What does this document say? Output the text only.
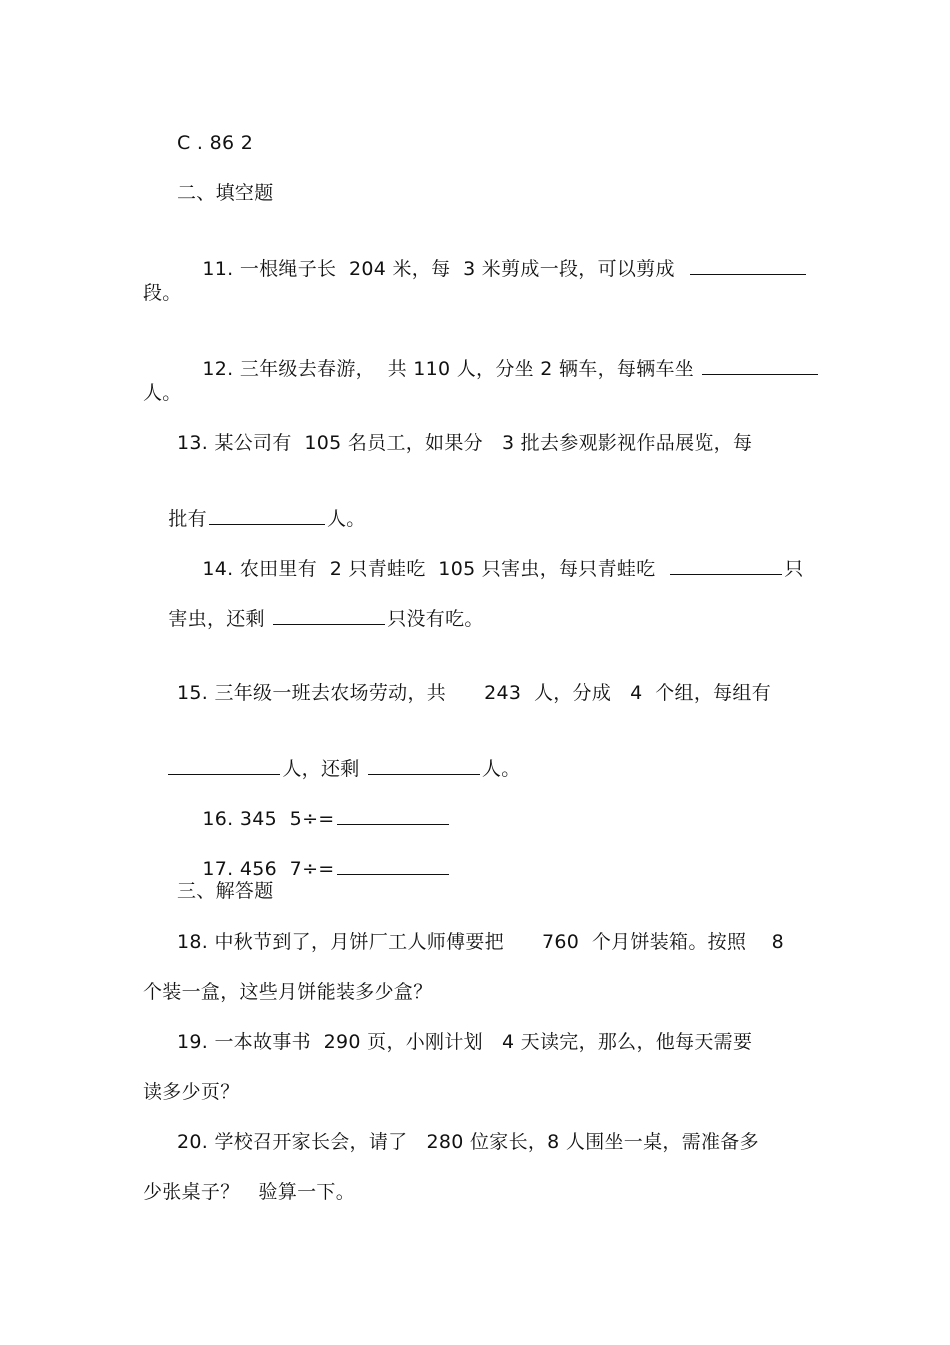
C . 86 2
二、填空题

11. 一根绳子长  204 米，每  3 米剪成一段，可以剪成

段。

12. 三年级去春游，  共 110 人，分坐 2 辆车，每辆车坐

人。
13. 某公司有  105 名员工，如果分   3 批去参观影视作品展览，每

批有	人。

14. 农田里有  2 只青蛙吃  105 只害虫，每只青蛙吃	只

害虫，还剩	只没有吃。

15. 三年级一班去农场劳动，共      243  人，分成   4  个组，每组有

人，还剩	人。

16. 345  5÷=

17. 456  7÷=

三、解答题
18. 中秋节到了，月饼厂工人师傅要把      760  个月饼装箱。按照    8
个装一盒，这些月饼能装多少盒？
19. 一本故事书  290 页，小刚计划   4 天读完，那么，他每天需要
读多少页？
20. 学校召开家长会，请了   280 位家长，8 人围坐一桌，需准备多
少张桌子？   验算一下。
